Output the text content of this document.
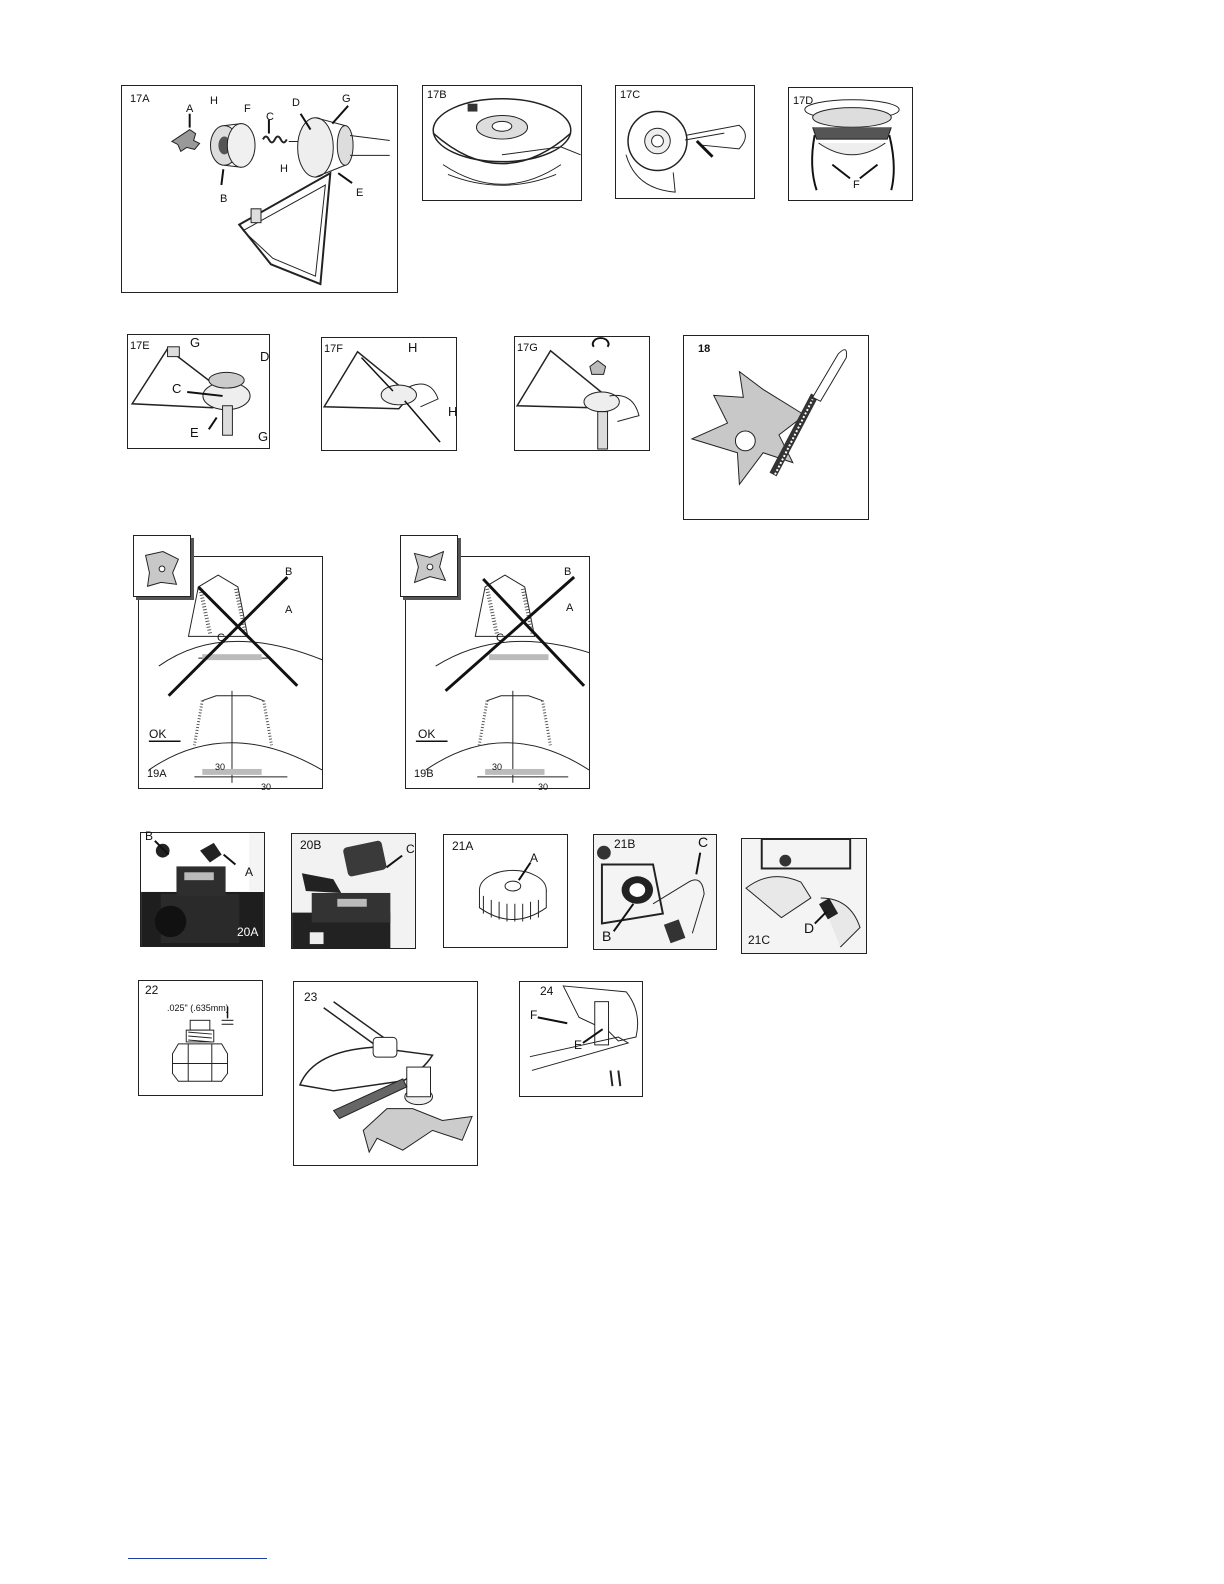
17A
A
H
F	D	G
C
H
B	E
17B	17C	17D
F
17E	G
D
C
E	G
17F	H
H
17G	18
19A
OK
B
A
C
30
30
19B
OK
B
A
C
30
30
B
A
20A
20B	C	21A
A
21B	C
B	21C
D
22
.025" (.635mm)
23	24
F
E
